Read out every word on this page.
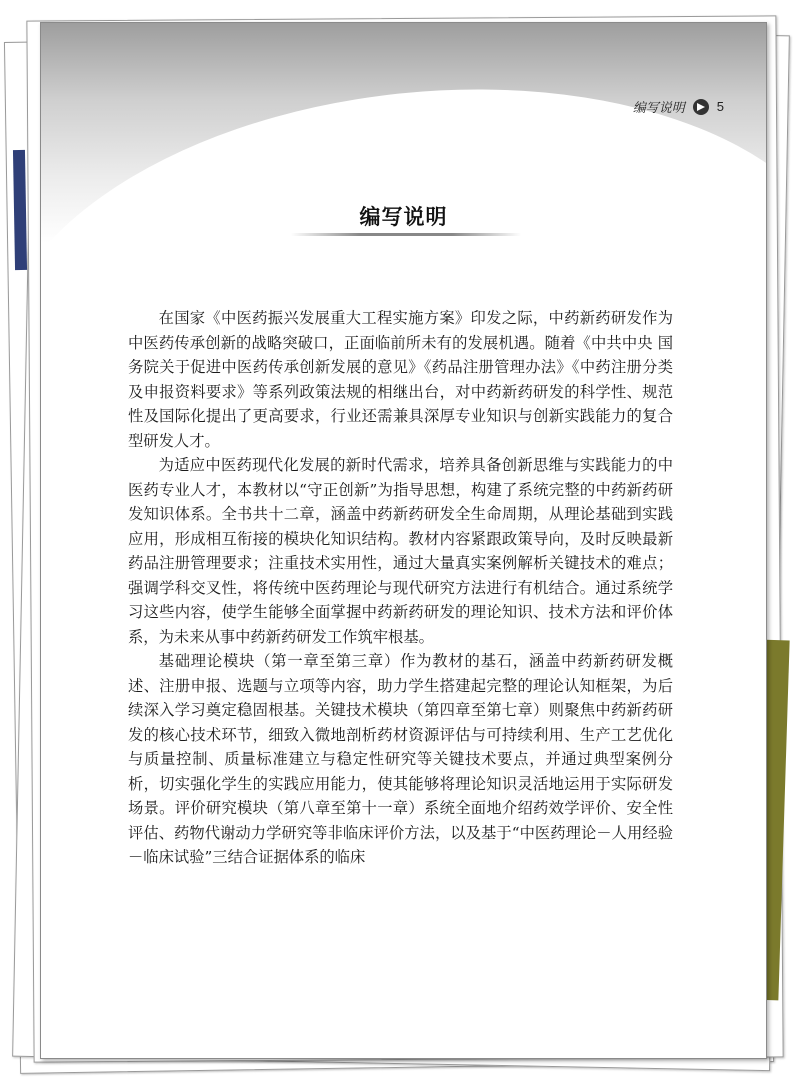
编写说明 5
编写说明

在国家《中医药振兴发展重大工程实施方案》印发之际，中药新药研发作为中医药传承创新的战略突破口，正面临前所未有的发展机遇。随着《中共中央 国务院关于促进中医药传承创新发展的意见》《药品注册管理办法》《中药注册分类及申报资料要求》等系列政策法规的相继出台，对中药新药研发的科学性、规范性及国际化提出了更高要求，行业还需兼具深厚专业知识与创新实践能力的复合型研发人才。

为适应中医药现代化发展的新时代需求，培养具备创新思维与实践能力的中医药专业人才，本教材以“守正创新”为指导思想，构建了系统完整的中药新药研发知识体系。全书共十二章，涵盖中药新药研发全生命周期，从理论基础到实践应用，形成相互衔接的模块化知识结构。教材内容紧跟政策导向，及时反映最新药品注册管理要求；注重技术实用性，通过大量真实案例解析关键技术的难点；强调学科交叉性，将传统中医药理论与现代研究方法进行有机结合。通过系统学习这些内容，使学生能够全面掌握中药新药研发的理论知识、技术方法和评价体系，为未来从事中药新药研发工作筑牢根基。

基础理论模块（第一章至第三章）作为教材的基石，涵盖中药新药研发概述、注册申报、选题与立项等内容，助力学生搭建起完整的理论认知框架，为后续深入学习奠定稳固根基。关键技术模块（第四章至第七章）则聚焦中药新药研发的核心技术环节，细致入微地剖析药材资源评估与可持续利用、生产工艺优化与质量控制、质量标准建立与稳定性研究等关键技术要点，并通过典型案例分析，切实强化学生的实践应用能力，使其能够将理论知识灵活地运用于实际研发场景。评价研究模块（第八章至第十一章）系统全面地介绍药效学评价、安全性评估、药物代谢动力学研究等非临床评价方法，以及基于“中医药理论－人用经验－临床试验”三结合证据体系的临床
